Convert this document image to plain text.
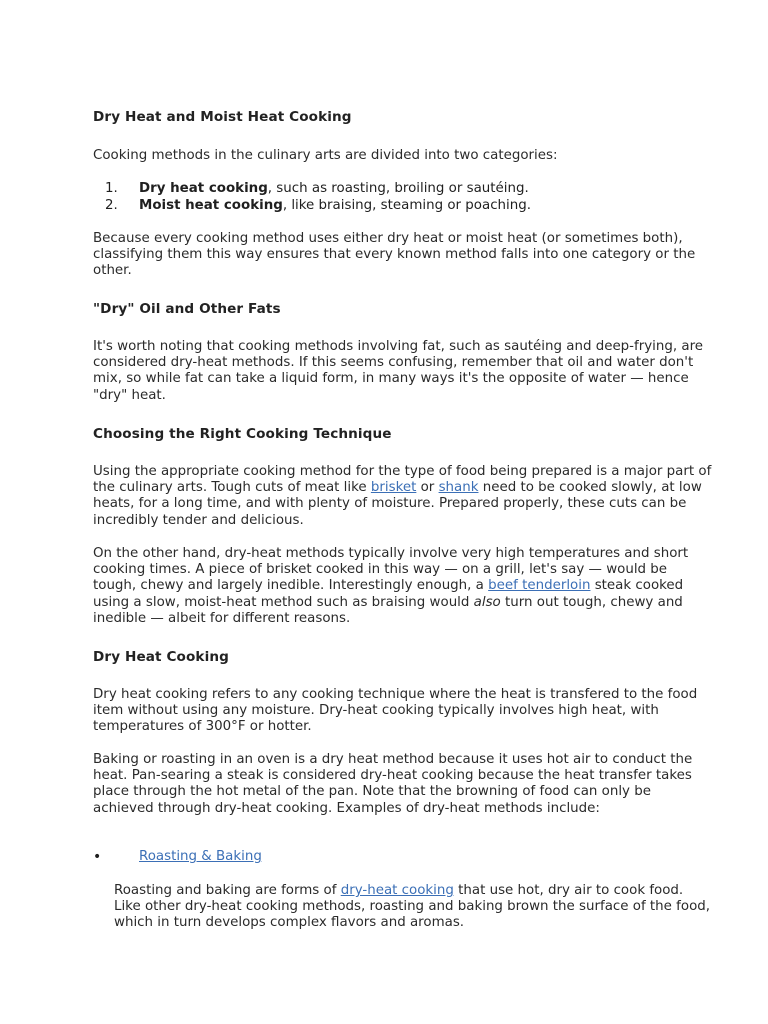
Dry Heat and Moist Heat Cooking

Cooking methods in the culinary arts are divided into two categories:

1. Dry heat cooking, such as roasting, broiling or sautéing.
2. Moist heat cooking, like braising, steaming or poaching.

Because every cooking method uses either dry heat or moist heat (or sometimes both), classifying them this way ensures that every known method falls into one category or the other.

"Dry" Oil and Other Fats

It's worth noting that cooking methods involving fat, such as sautéing and deep-frying, are considered dry-heat methods. If this seems confusing, remember that oil and water don't mix, so while fat can take a liquid form, in many ways it's the opposite of water — hence "dry" heat.

Choosing the Right Cooking Technique

Using the appropriate cooking method for the type of food being prepared is a major part of the culinary arts. Tough cuts of meat like brisket or shank need to be cooked slowly, at low heats, for a long time, and with plenty of moisture. Prepared properly, these cuts can be incredibly tender and delicious.

On the other hand, dry-heat methods typically involve very high temperatures and short cooking times. A piece of brisket cooked in this way — on a grill, let's say — would be tough, chewy and largely inedible. Interestingly enough, a beef tenderloin steak cooked using a slow, moist-heat method such as braising would also turn out tough, chewy and inedible — albeit for different reasons.

Dry Heat Cooking

Dry heat cooking refers to any cooking technique where the heat is transfered to the food item without using any moisture. Dry-heat cooking typically involves high heat, with temperatures of 300°F or hotter.

Baking or roasting in an oven is a dry heat method because it uses hot air to conduct the heat. Pan-searing a steak is considered dry-heat cooking because the heat transfer takes place through the hot metal of the pan. Note that the browning of food can only be achieved through dry-heat cooking. Examples of dry-heat methods include:

•	Roasting & Baking

Roasting and baking are forms of dry-heat cooking that use hot, dry air to cook food. Like other dry-heat cooking methods, roasting and baking brown the surface of the food, which in turn develops complex flavors and aromas.
